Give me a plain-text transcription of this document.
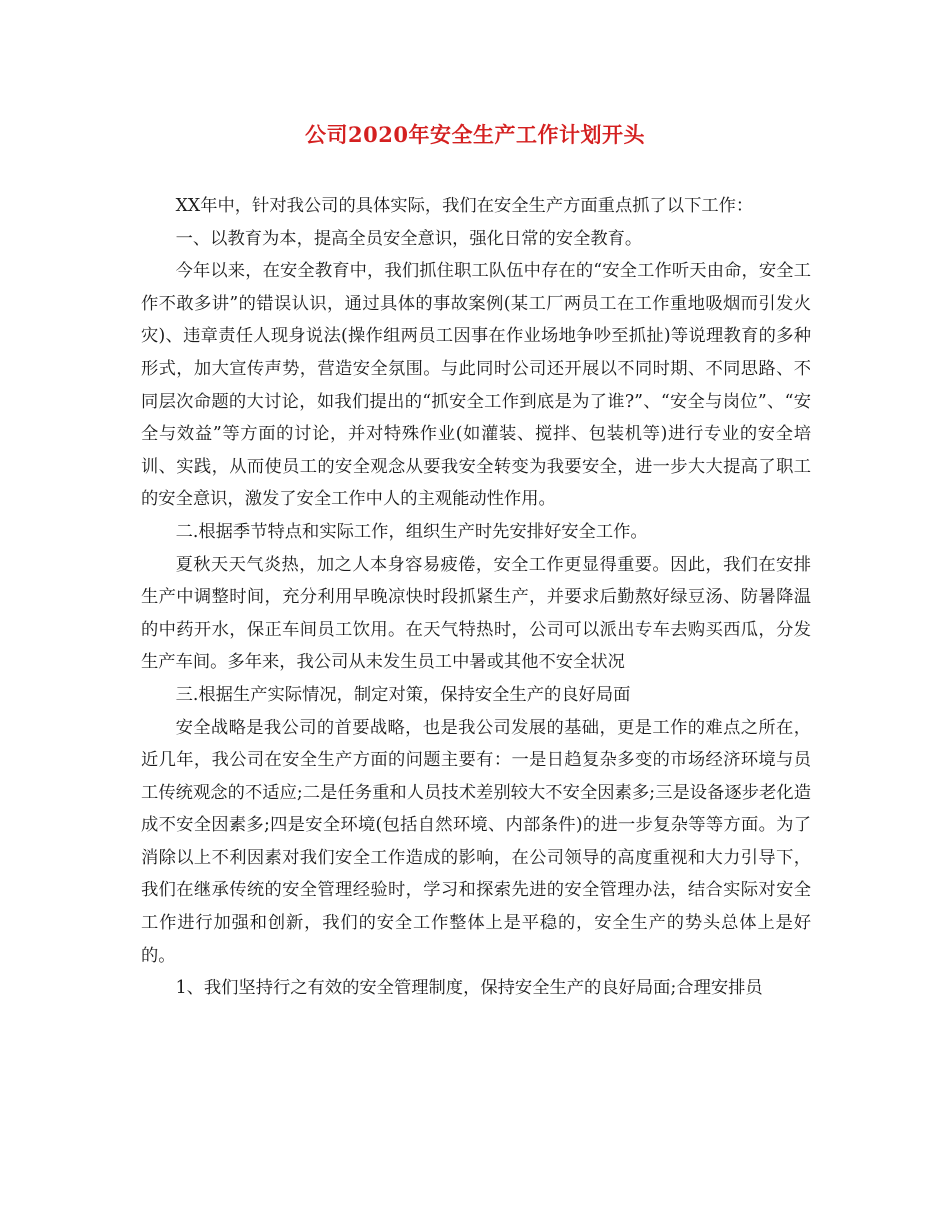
公司2020年安全生产工作计划开头

XX年中，针对我公司的具体实际，我们在安全生产方面重点抓了以下工作：

一、以教育为本，提高全员安全意识，强化日常的安全教育。

今年以来，在安全教育中，我们抓住职工队伍中存在的“安全工作听天由命，安全工作不敢多讲”的错误认识，通过具体的事故案例(某工厂两员工在工作重地吸烟而引发火灾)、违章责任人现身说法(操作组两员工因事在作业场地争吵至抓扯)等说理教育的多种形式，加大宣传声势，营造安全氛围。与此同时公司还开展以不同时期、不同思路、不同层次命题的大讨论，如我们提出的“抓安全工作到底是为了谁?”、“安全与岗位”、“安全与效益”等方面的讨论，并对特殊作业(如灌装、搅拌、包装机等)进行专业的安全培训、实践，从而使员工的安全观念从要我安全转变为我要安全，进一步大大提高了职工的安全意识，激发了安全工作中人的主观能动性作用。

二.根据季节特点和实际工作，组织生产时先安排好安全工作。

夏秋天天气炎热，加之人本身容易疲倦，安全工作更显得重要。因此，我们在安排生产中调整时间，充分利用早晚凉快时段抓紧生产，并要求后勤熬好绿豆汤、防暑降温的中药开水，保正车间员工饮用。在天气特热时，公司可以派出专车去购买西瓜，分发生产车间。多年来，我公司从未发生员工中暑或其他不安全状况

三.根据生产实际情况，制定对策，保持安全生产的良好局面

安全战略是我公司的首要战略，也是我公司发展的基础，更是工作的难点之所在，近几年，我公司在安全生产方面的问题主要有：一是日趋复杂多变的市场经济环境与员工传统观念的不适应;二是任务重和人员技术差别较大不安全因素多;三是设备逐步老化造成不安全因素多;四是安全环境(包括自然环境、内部条件)的进一步复杂等等方面。为了消除以上不利因素对我们安全工作造成的影响，在公司领导的高度重视和大力引导下，我们在继承传统的安全管理经验时，学习和探索先进的安全管理办法，结合实际对安全工作进行加强和创新，我们的安全工作整体上是平稳的，安全生产的势头总体上是好的。

1、我们坚持行之有效的安全管理制度，保持安全生产的良好局面;合理安排员
